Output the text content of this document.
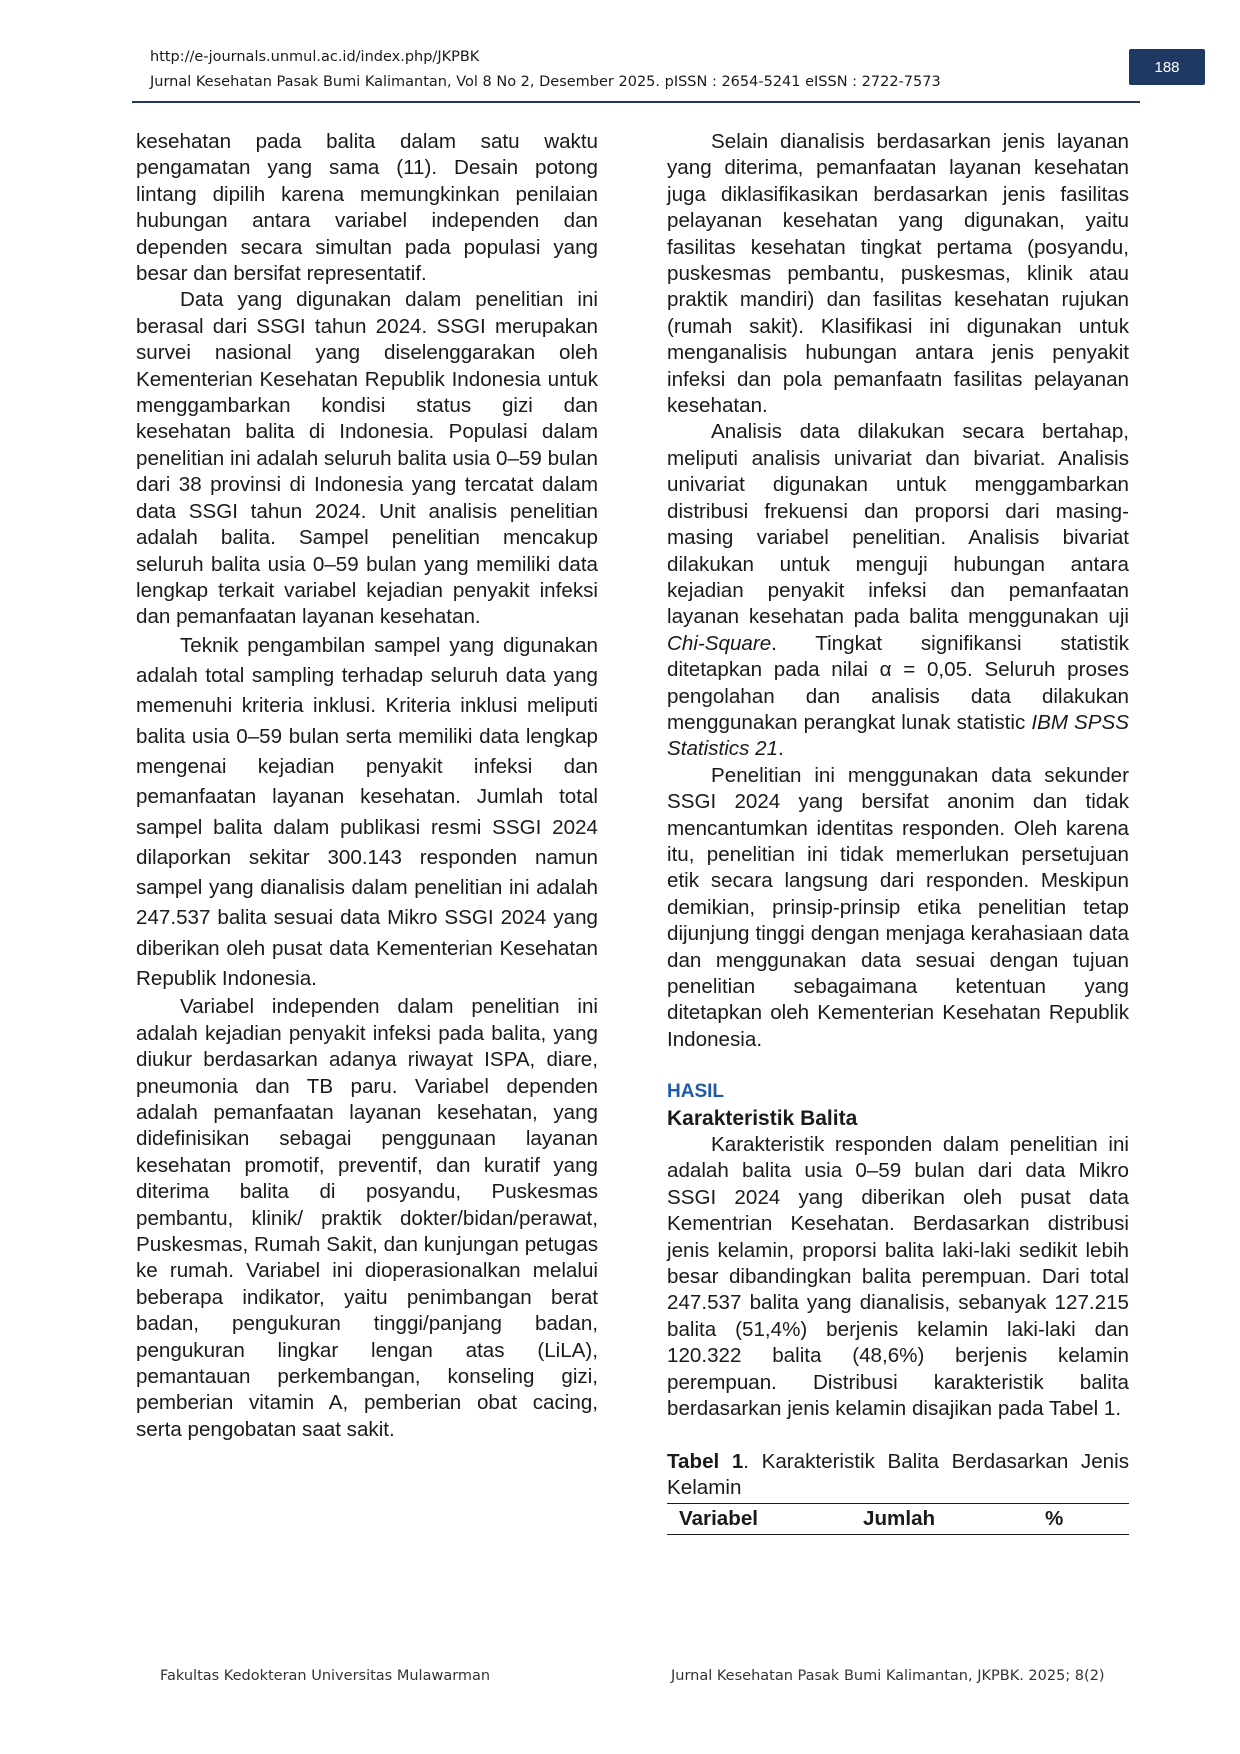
http://e-journals.unmul.ac.id/index.php/JKPBK
Jurnal Kesehatan Pasak Bumi Kalimantan, Vol 8 No 2, Desember 2025. pISSN : 2654-5241 eISSN : 2722-7573
188

kesehatan pada balita dalam satu waktu pengamatan yang sama (11). Desain potong lintang dipilih karena memungkinkan penilaian hubungan antara variabel independen dan dependen secara simultan pada populasi yang besar dan bersifat representatif.

Data yang digunakan dalam penelitian ini berasal dari SSGI tahun 2024. SSGI merupakan survei nasional yang diselenggarakan oleh Kementerian Kesehatan Republik Indonesia untuk menggambarkan kondisi status gizi dan kesehatan balita di Indonesia. Populasi dalam penelitian ini adalah seluruh balita usia 0–59 bulan dari 38 provinsi di Indonesia yang tercatat dalam data SSGI tahun 2024. Unit analisis penelitian adalah balita. Sampel penelitian mencakup seluruh balita usia 0–59 bulan yang memiliki data lengkap terkait variabel kejadian penyakit infeksi dan pemanfaatan layanan kesehatan.

Teknik pengambilan sampel yang digunakan adalah total sampling terhadap seluruh data yang memenuhi kriteria inklusi. Kriteria inklusi meliputi balita usia 0–59 bulan serta memiliki data lengkap mengenai kejadian penyakit infeksi dan pemanfaatan layanan kesehatan. Jumlah total sampel balita dalam publikasi resmi SSGI 2024 dilaporkan sekitar 300.143 responden namun sampel yang dianalisis dalam penelitian ini adalah 247.537 balita sesuai data Mikro SSGI 2024 yang diberikan oleh pusat data Kementerian Kesehatan Republik Indonesia.

Variabel independen dalam penelitian ini adalah kejadian penyakit infeksi pada balita, yang diukur berdasarkan adanya riwayat ISPA, diare, pneumonia dan TB paru. Variabel dependen adalah pemanfaatan layanan kesehatan, yang didefinisikan sebagai penggunaan layanan kesehatan promotif, preventif, dan kuratif yang diterima balita di posyandu, Puskesmas pembantu, klinik/ praktik dokter/bidan/perawat, Puskesmas, Rumah Sakit, dan kunjungan petugas ke rumah. Variabel ini dioperasionalkan melalui beberapa indikator, yaitu penimbangan berat badan, pengukuran tinggi/panjang badan, pengukuran lingkar lengan atas (LiLA), pemantauan perkembangan, konseling gizi, pemberian vitamin A, pemberian obat cacing, serta pengobatan saat sakit.

Selain dianalisis berdasarkan jenis layanan yang diterima, pemanfaatan layanan kesehatan juga diklasifikasikan berdasarkan jenis fasilitas pelayanan kesehatan yang digunakan, yaitu fasilitas kesehatan tingkat pertama (posyandu, puskesmas pembantu, puskesmas, klinik atau praktik mandiri) dan fasilitas kesehatan rujukan (rumah sakit). Klasifikasi ini digunakan untuk menganalisis hubungan antara jenis penyakit infeksi dan pola pemanfaatn fasilitas pelayanan kesehatan.

Analisis data dilakukan secara bertahap, meliputi analisis univariat dan bivariat. Analisis univariat digunakan untuk menggambarkan distribusi frekuensi dan proporsi dari masing-masing variabel penelitian. Analisis bivariat dilakukan untuk menguji hubungan antara kejadian penyakit infeksi dan pemanfaatan layanan kesehatan pada balita menggunakan uji Chi-Square. Tingkat signifikansi statistik ditetapkan pada nilai α = 0,05. Seluruh proses pengolahan dan analisis data dilakukan menggunakan perangkat lunak statistic IBM SPSS Statistics 21.

Penelitian ini menggunakan data sekunder SSGI 2024 yang bersifat anonim dan tidak mencantumkan identitas responden. Oleh karena itu, penelitian ini tidak memerlukan persetujuan etik secara langsung dari responden. Meskipun demikian, prinsip-prinsip etika penelitian tetap dijunjung tinggi dengan menjaga kerahasiaan data dan menggunakan data sesuai dengan tujuan penelitian sebagaimana ketentuan yang ditetapkan oleh Kementerian Kesehatan Republik Indonesia.

HASIL

Karakteristik Balita

Karakteristik responden dalam penelitian ini adalah balita usia 0–59 bulan dari data Mikro SSGI 2024 yang diberikan oleh pusat data Kementrian Kesehatan. Berdasarkan distribusi jenis kelamin, proporsi balita laki-laki sedikit lebih besar dibandingkan balita perempuan. Dari total 247.537 balita yang dianalisis, sebanyak 127.215 balita (51,4%) berjenis kelamin laki-laki dan 120.322 balita (48,6%) berjenis kelamin perempuan. Distribusi karakteristik balita berdasarkan jenis kelamin disajikan pada Tabel 1.

Tabel 1. Karakteristik Balita Berdasarkan Jenis Kelamin

Variabel	Jumlah	%
Fakultas Kedokteran Universitas Mulawarman	Jurnal Kesehatan Pasak Bumi Kalimantan, JKPBK. 2025; 8(2)
